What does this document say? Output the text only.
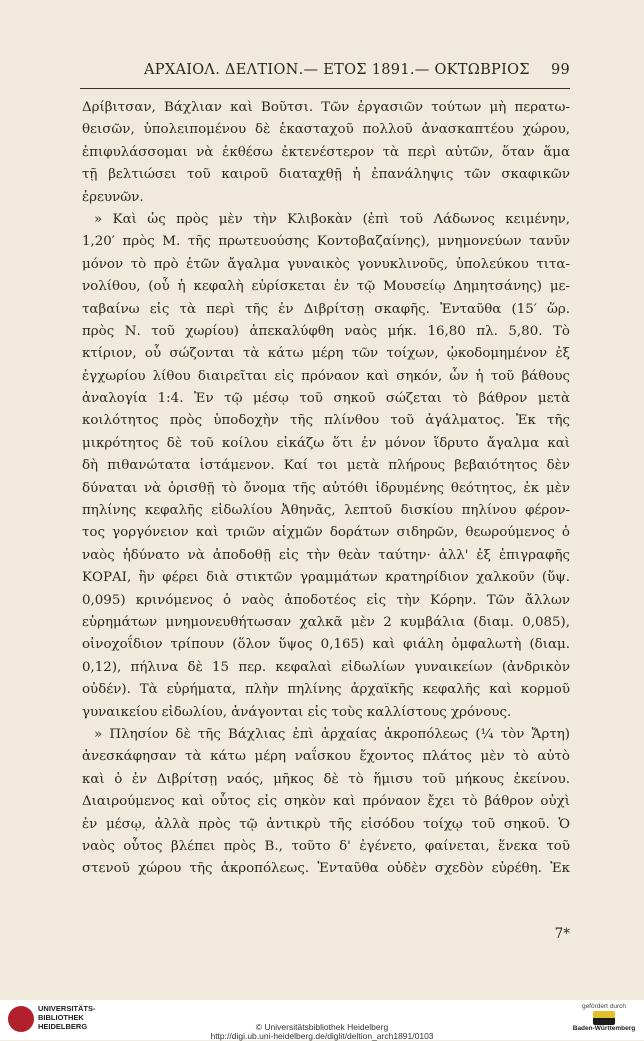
ΑΡΧΑΙΟΛ. ΔΕΛΤΙΟΝ.— ΕΤΟΣ 1891.— ΟΚΤΩΒΡΙΟΣ 99
Δρίβιτσαν, Βάχλιαν καὶ Βοῦτσι. Τῶν ἐργασιῶν τούτων μὴ περατω-
θεισῶν, ὑπολειπομένου δὲ ἑκασταχοῦ πολλοῦ ἀνασκαπτέου χώρου,
ἐπιφυλάσσομαι νὰ ἐκθέσω ἐκτενέστερον τὰ περὶ αὐτῶν, ὅταν ἅμα
τῇ βελτιώσει τοῦ καιροῦ διαταχθῇ ἡ ἐπανάληψις τῶν σκαφικῶν
ἐρευνῶν.
» Καὶ ὡς πρὸς μὲν τὴν Κλιβοκὰν (ἐπὶ τοῦ Λάδωνος κειμένην,
1,20′ πρὸς Μ. τῆς πρωτευούσης Κοντοβαζαίνης), μνημονεύων τανῦν
μόνον τὸ πρὸ ἐτῶν ἄγαλμα γυναικὸς γονυκλινοῦς, ὑπολεύκου τιτα-
νολίθου, (οὗ ἡ κεφαλὴ εὑρίσκεται ἐν τῷ Μουσείῳ Δημητσάνης) με-
ταβαίνω εἰς τὰ περὶ τῆς ἐν Διβρίτσῃ σκαφῆς. Ἐνταῦθα (15′ ὥρ.
πρὸς Ν. τοῦ χωρίου) ἀπεκαλύφθη ναὸς μήκ. 16,80 πλ. 5,80. Τὸ
κτίριον, οὗ σώζονται τὰ κάτω μέρη τῶν τοίχων, ᾠκοδομημένον ἐξ
ἐγχωρίου λίθου διαιρεῖται εἰς πρόναον καὶ σηκόν, ὧν ἡ τοῦ βάθους
ἀναλογία 1:4. Ἐν τῷ μέσῳ τοῦ σηκοῦ σώζεται τὸ βάθρον μετὰ
κοιλότητος πρὸς ὑποδοχὴν τῆς πλίνθου τοῦ ἀγάλματος. Ἐκ τῆς
μικρότητος δὲ τοῦ κοίλου εἰκάζω ὅτι ἐν μόνον ἵδρυτο ἄγαλμα καὶ
δὴ πιθανώτατα ἱστάμενον. Καί τοι μετὰ πλήρους βεβαιότητος δὲν
δύναται νὰ ὁρισθῇ τὸ ὄνομα τῆς αὐτόθι ἱδρυμένης θεότητος, ἐκ μὲν
πηλίνης κεφαλῆς εἰδωλίου Ἀθηνᾶς, λεπτοῦ δισκίου πηλίνου φέρον-
τος γοργόνειον καὶ τριῶν αἰχμῶν δοράτων σιδηρῶν, θεωρούμενος ὁ
ναὸς ἠδύνατο νὰ ἀποδοθῇ εἰς τὴν θεὰν ταύτην· ἀλλ' ἐξ ἐπιγραφῆς
ΚΟΡΑΙ, ἣν φέρει διὰ στικτῶν γραμμάτων κρατηρίδιον χαλκοῦν (ὕψ.
0,095) κρινόμενος ὁ ναὸς ἀποδοτέος εἰς τὴν Κόρην. Τῶν ἄλλων
εὑρημάτων μνημονευθήτωσαν χαλκᾶ μὲν 2 κυμβάλια (διαμ. 0,085),
οἰνοχοΐδιον τρίπουν (ὅλον ὕψος 0,165) καὶ φιάλη ὀμφαλωτὴ (διαμ.
0,12), πήλινα δὲ 15 περ. κεφαλαὶ εἰδωλίων γυναικείων (ἀνδρικὸν
οὐδέν). Τὰ εὑρήματα, πλὴν πηλίνης ἀρχαϊκῆς κεφαλῆς καὶ κορμοῦ
γυναικείου εἰδωλίου, ἀνάγονται εἰς τοὺς καλλίστους χρόνους.
» Πλησίον δὲ τῆς Βάχλιας ἐπὶ ἀρχαίας ἀκροπόλεως (¼ τὸν Ἄρτη)
ἀνεσκάφησαν τὰ κάτω μέρη ναΐσκου ἔχοντος πλάτος μὲν τὸ αὐτὸ
καὶ ὁ ἐν Διβρίτσῃ ναός, μῆκος δὲ τὸ ἥμισυ τοῦ μήκους ἐκείνου.
Διαιρούμενος καὶ οὗτος εἰς σηκὸν καὶ πρόναον ἔχει τὸ βάθρον οὐχὶ
ἐν μέσῳ, ἀλλὰ πρὸς τῷ ἀντικρὺ τῆς εἰσόδου τοίχῳ τοῦ σηκοῦ. Ὁ
ναὸς οὗτος βλέπει πρὸς Β., τοῦτο δ' ἐγένετο, φαίνεται, ἕνεκα τοῦ
στενοῦ χώρου τῆς ἀκροπόλεως. Ἐνταῦθα οὐδὲν σχεδὸν εὑρέθη. Ἐκ
7*
UNIVERSITÄTS-
BIBLIOTHEK
HEIDELBERG	© Universitätsbibliothek Heidelberg
http://digi.ub.uni-heidelberg.de/diglit/deltion_arch1891/0103
gefördert durch
Baden-Württemberg
